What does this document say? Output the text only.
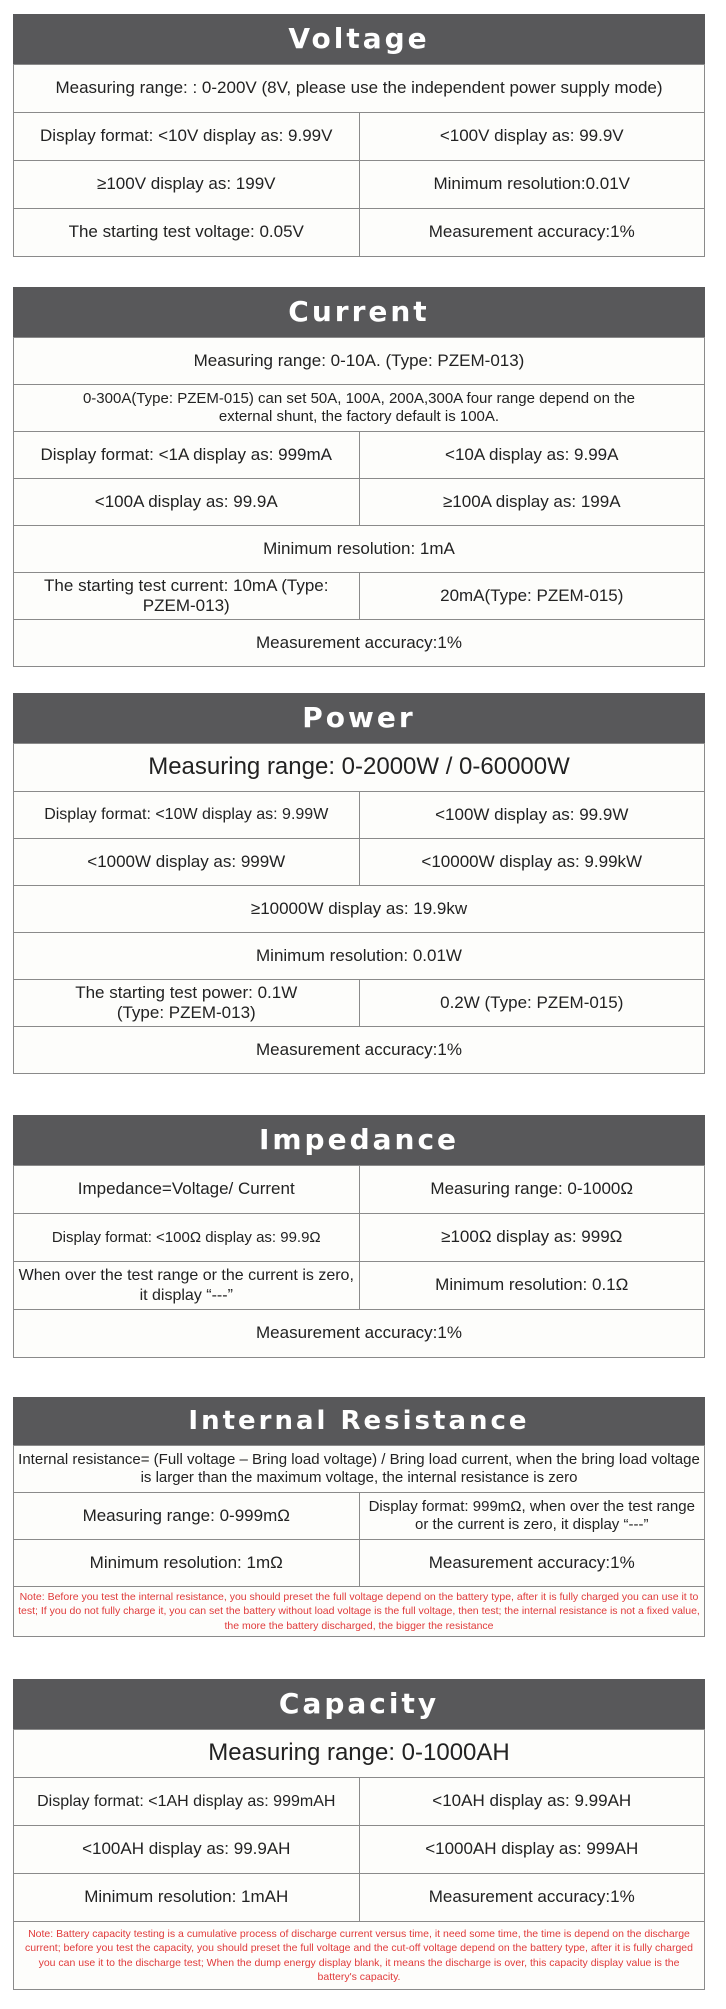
Voltage
Measuring range: : 0-200V (8V, please use the independent power supply mode)	
Display format: <10V display as: 9.99V	<100V display as: 99.9V
≥100V display as: 199V	Minimum resolution:0.01V
The starting test voltage: 0.05V	Measurement accuracy:1%
Current
Measuring range: 0-10A. (Type: PZEM-013)	
0-300A(Type: PZEM-015) can set 50A, 100A, 200A,300A four range depend on the external shunt, the factory default is 100A.	
Display format: <1A display as: 999mA	<10A display as: 9.99A
<100A display as: 99.9A	≥100A display as: 199A
Minimum resolution: 1mA	
The starting test current: 10mA (Type: PZEM-013)	20mA(Type: PZEM-015)
Measurement accuracy:1%	
Power
Measuring range: 0-2000W / 0-60000W	
Display format: <10W display as: 9.99W	<100W display as: 99.9W
<1000W display as: 999W	<10000W display as: 9.99kW
≥10000W display as: 19.9kw	
Minimum resolution: 0.01W	
The starting test power: 0.1W (Type: PZEM-013)	0.2W (Type: PZEM-015)
Measurement accuracy:1%	
Impedance
Impedance=Voltage/ Current	Measuring range: 0-1000Ω
Display format: <100Ω display as: 99.9Ω	≥100Ω display as: 999Ω
When over the test range or the current is zero, it display “---”	Minimum resolution: 0.1Ω
Measurement accuracy:1%	
Internal Resistance
Internal resistance= (Full voltage – Bring load voltage) / Bring load current, when the bring load voltage is larger than the maximum voltage, the internal resistance is zero	
Measuring range: 0-999mΩ	Display format: 999mΩ, when over the test range or the current is zero, it display “---”
Minimum resolution: 1mΩ	Measurement accuracy:1%
Note: Before you test the internal resistance, you should preset the full voltage depend on the battery type, after it is fully charged you can use it to test; If you do not fully charge it, you can set the battery without load voltage is the full voltage, then test; the internal resistance is not a fixed value, the more the battery discharged, the bigger the resistance	
Capacity
Measuring range: 0-1000AH	
Display format: <1AH display as: 999mAH	<10AH display as: 9.99AH
<100AH display as: 99.9AH	<1000AH display as: 999AH
Minimum resolution: 1mAH	Measurement accuracy:1%
Note: Battery capacity testing is a cumulative process of discharge current versus time, it need some time, the time is depend on the discharge current; before you test the capacity, you should preset the full voltage and the cut-off voltage depend on the battery type, after it is fully charged you can use it to the discharge test; When the dump energy display blank, it means the discharge is over, this capacity display value is the battery's capacity.	
